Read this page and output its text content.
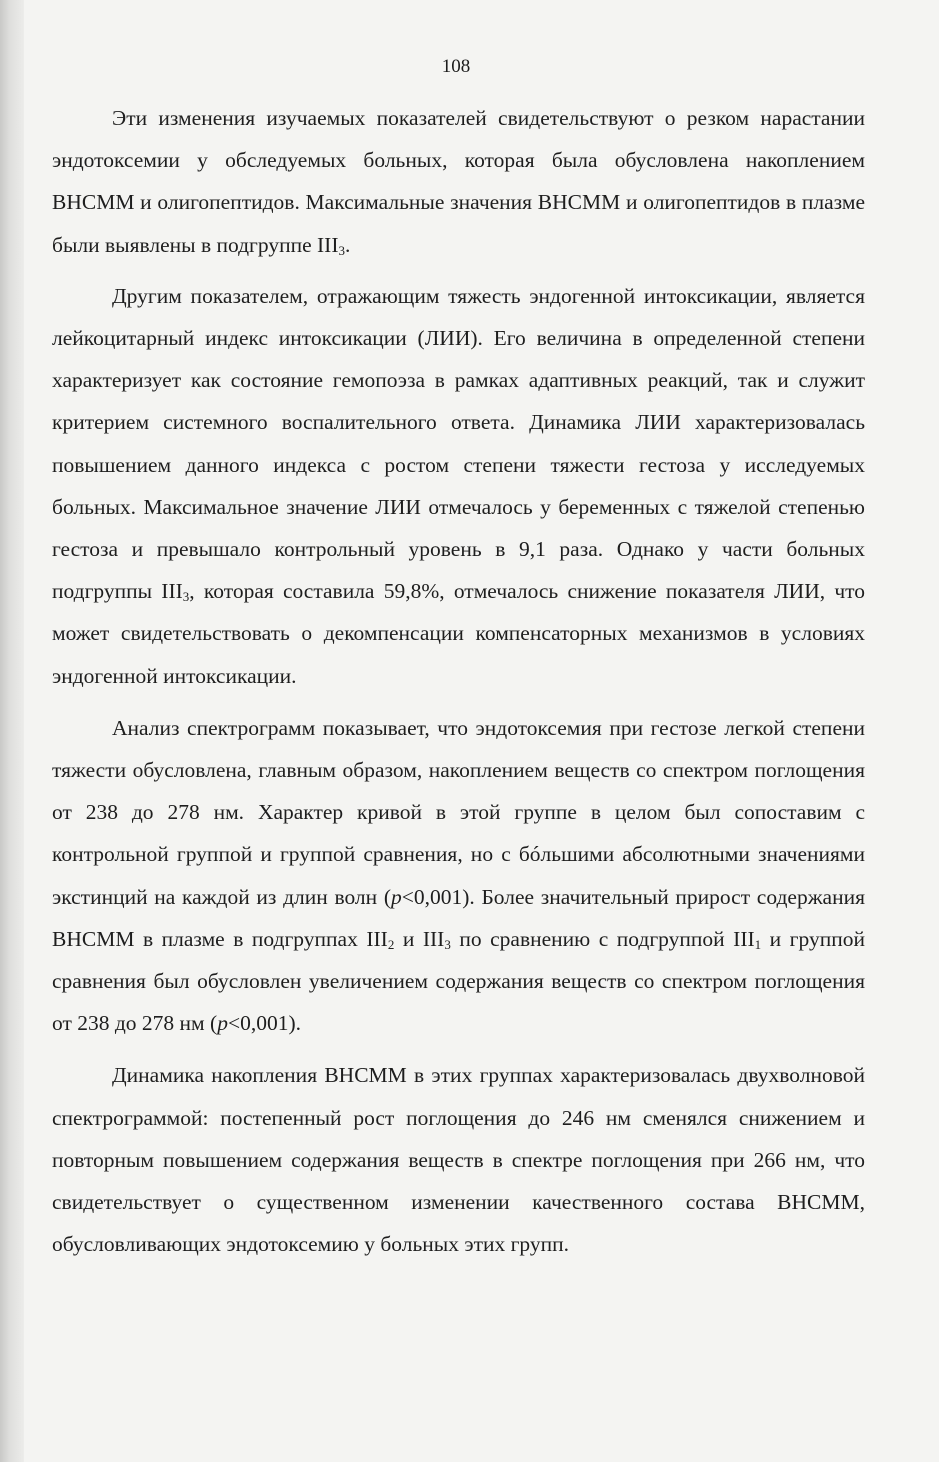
108

Эти изменения изучаемых показателей свидетельствуют о резком нарастании эндотоксемии у обследуемых больных, которая была обусловлена накоплением ВНСММ и олигопептидов. Максимальные значения ВНСММ и олигопептидов в плазме были выявлены в подгруппе $III_3$.

Другим показателем, отражающим тяжесть эндогенной интоксикации, является лейкоцитарный индекс интоксикации (ЛИИ). Его величина в определенной степени характеризует как состояние гемопоэза в рамках адаптивных реакций, так и служит критерием системного воспалительного ответа. Динамика ЛИИ характеризовалась повышением данного индекса с ростом степени тяжести гестоза у исследуемых больных. Максимальное значение ЛИИ отмечалось у беременных с тяжелой степенью гестоза и превышало контрольный уровень в 9,1 раза. Однако у части больных подгруппы $III_3$, которая составила 59,8%, отмечалось снижение показателя ЛИИ, что может свидетельствовать о декомпенсации компенсаторных механизмов в условиях эндогенной интоксикации.

Анализ спектрограмм показывает, что эндотоксемия при гестозе легкой степени тяжести обусловлена, главным образом, накоплением веществ со спектром поглощения от 238 до 278 нм. Характер кривой в этой группе в целом был сопоставим с контрольной группой и группой сравнения, но с бóльшими абсолютными значениями экстинций на каждой из длин волн (p<0,001). Более значительный прирост содержания ВНСММ в плазме в подгруппах $III_2$ и $III_3$ по сравнению с подгруппой $III_1$ и группой сравнения был обусловлен увеличением содержания веществ со спектром поглощения от 238 до 278 нм (p<0,001).

Динамика накопления ВНСММ в этих группах характеризовалась двухволновой спектрограммой: постепенный рост поглощения до 246 нм сменялся снижением и повторным повышением содержания веществ в спектре поглощения при 266 нм, что свидетельствует о существенном изменении качественного состава ВНСММ, обусловливающих эндотоксемию у больных этих групп.
